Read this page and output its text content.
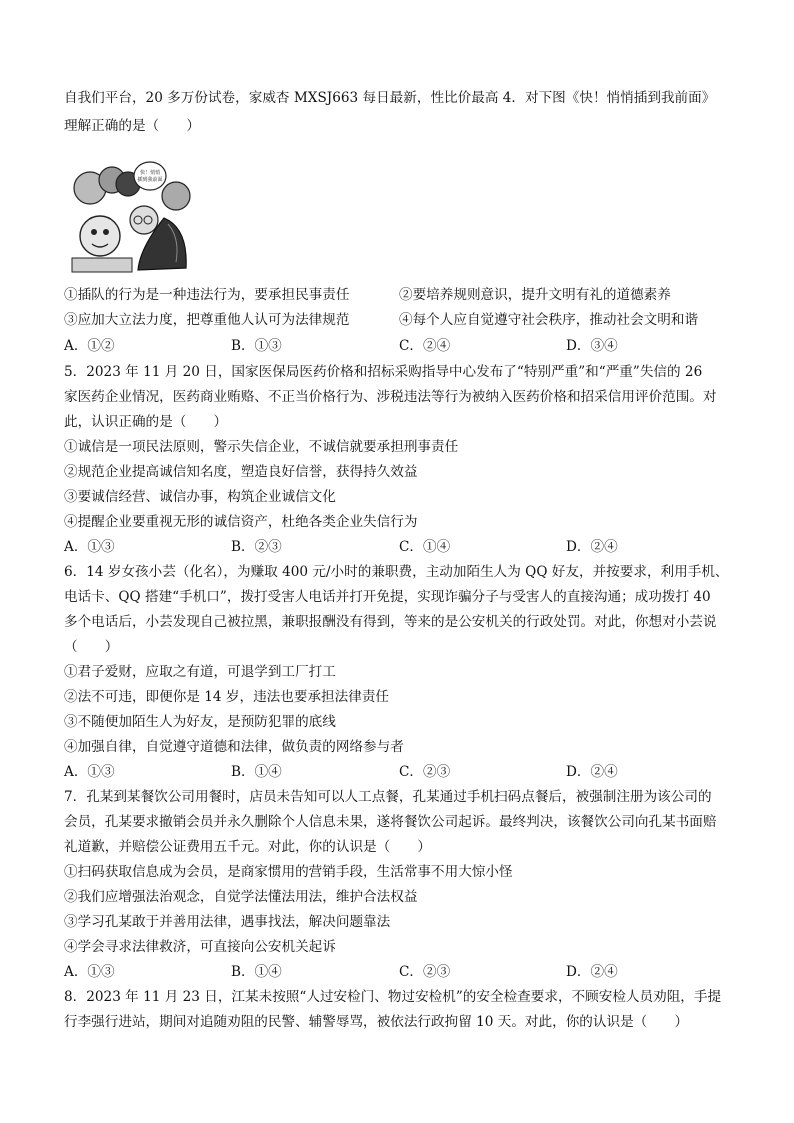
自我们平台，20 多万份试卷，家威杏 MXSJ663 每日最新，性比价最高 4．对下图《快！悄悄插到我前面》
理解正确的是（　　）
快！悄悄
插到我前面
①插队的行为是一种违法行为，要承担民事责任	②要培养规则意识，提升文明有礼的道德素养
③应加大立法力度，把尊重他人认可为法律规范	④每个人应自觉遵守社会秩序，推动社会文明和谐
A．①②	B．①③	C．②④	D．③④
5．2023 年 11 月 20 日，国家医保局医药价格和招标采购指导中心发布了“特别严重”和“严重”失信的 26
家医药企业情况，医药商业贿赂、不正当价格行为、涉税违法等行为被纳入医药价格和招采信用评价范围。对
此，认识正确的是（　　）
①诚信是一项民法原则，警示失信企业，不诚信就要承担刑事责任
②规范企业提高诚信知名度，塑造良好信誉，获得持久效益
③要诚信经营、诚信办事，构筑企业诚信文化
④提醒企业要重视无形的诚信资产，杜绝各类企业失信行为
A．①③	B．②③	C．①④	D．②④
6．14 岁女孩小芸（化名），为赚取 400 元/小时的兼职费，主动加陌生人为 QQ 好友，并按要求，利用手机、
电话卡、QQ 搭建“手机口”，拨打受害人电话并打开免提，实现诈骗分子与受害人的直接沟通；成功拨打 40
多个电话后，小芸发现自己被拉黑，兼职报酬没有得到，等来的是公安机关的行政处罚。对此，你想对小芸说
（　　）
①君子爱财，应取之有道，可退学到工厂打工
②法不可违，即便你是 14 岁，违法也要承担法律责任
③不随便加陌生人为好友，是预防犯罪的底线
④加强自律，自觉遵守道德和法律，做负责的网络参与者
A．①③	B．①④	C．②③	D．②④
7．孔某到某餐饮公司用餐时，店员未告知可以人工点餐，孔某通过手机扫码点餐后，被强制注册为该公司的
会员，孔某要求撤销会员并永久删除个人信息未果，遂将餐饮公司起诉。最终判决，该餐饮公司向孔某书面赔
礼道歉，并赔偿公证费用五千元。对此，你的认识是（　　）
①扫码获取信息成为会员，是商家惯用的营销手段，生活常事不用大惊小怪
②我们应增强法治观念，自觉学法懂法用法，维护合法权益
③学习孔某敢于并善用法律，遇事找法，解决问题靠法
④学会寻求法律救济，可直接向公安机关起诉
A．①③	B．①④	C．②③	D．②④
8．2023 年 11 月 23 日，江某未按照“人过安检门、物过安检机”的安全检查要求，不顾安检人员劝阻，手提
行李强行进站，期间对追随劝阻的民警、辅警辱骂，被依法行政拘留 10 天。对此，你的认识是（　　）
